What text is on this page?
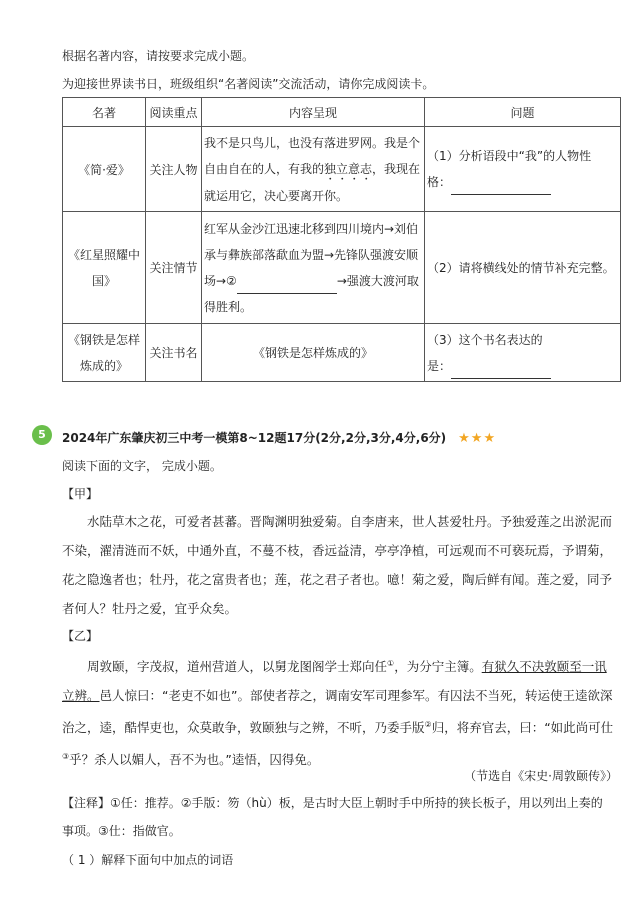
根据名著内容，请按要求完成小题。
为迎接世界读书日，班级组织“名著阅读”交流活动，请你完成阅读卡。
名著	阅读重点	内容呈现	问题
《简·爱》	关注人物	我不是只鸟儿，也没有落进罗网。我是个自由自在的人，有我的独立意志，我现在就运用它，决心要离开你。	（1）分析语段中“我”的人物性
格：
《红星照耀中国》	关注情节	红军从金沙江迅速北移到四川境内→刘伯承与彝族部落歃血为盟→先锋队强渡安顺场→② →强渡大渡河取得胜利。	（2）请将横线处的情节补充完整。
《钢铁是怎样炼成的》	关注书名	《钢铁是怎样炼成的》	（3）这个书名表达的
是：
5	2024年广东肇庆初三中考一模第8~12题17分(2分,2分,3分,4分,6分) ★★★
阅读下面的文字， 完成小题。
【甲】
水陆草木之花，可爱者甚蕃。晋陶渊明独爱菊。自李唐来，世人甚爱牡丹。予独爱莲之出淤泥而不染，濯清涟而不妖，中通外直，不蔓不枝，香远益清，亭亭净植，可远观而不可亵玩焉，予谓菊，花之隐逸者也；牡丹，花之富贵者也；莲，花之君子者也。噫！菊之爱，陶后鲜有闻。莲之爱，同予者何人？牡丹之爱，宜乎众矣。
【乙】
周敦颐，字茂叔，道州营道人，以舅龙图阁学士郑向任①，为分宁主簿。有狱久不决敦颐至一讯立辨。邑人惊曰：“老吏不如也”。部使者荐之，调南安军司理参军。有囚法不当死，转运使王逵欲深治之，逵，酷悍吏也，众莫敢争，敦颐独与之辨，不听，乃委手版②归，将弃官去，曰：“如此尚可仕③乎？杀人以媚人，吾不为也。”逵悟，囚得免。
（节选自《宋史·周敦颐传》）
【注释】①任：推荐。②手版：笏（hù）板，是古时大臣上朝时手中所持的狭长板子，用以列出上奏的
事项。③仕：指做官。
（ 1 ）解释下面句中加点的词语
